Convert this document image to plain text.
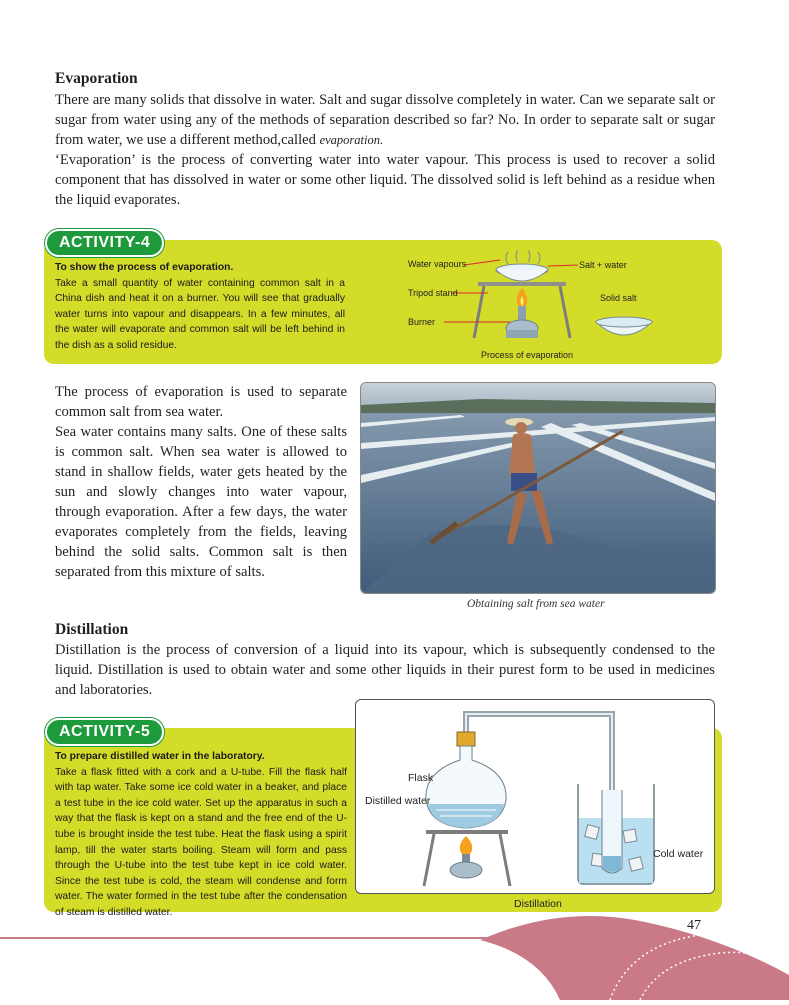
Evaporation

There are many solids that dissolve in water. Salt and sugar dissolve completely in water. Can we separate salt or sugar from water using any of the methods of separation described so far? No. In order to separate salt or sugar from water, we use a different method,called evaporation.

‘Evaporation’ is the process of converting water into water vapour. This process is used to recover a solid component that has dissolved in water or some other liquid. The dissolved solid is left behind as a residue when the liquid evaporates.

ACTIVITY-4
To show the process of evaporation.
Take a small quantity of water containing common salt in a China dish and heat it on a burner. You will see that gradually water turns into vapour and disappears. In a few minutes, all the water will evaporate and common salt will be left behind in the dish as a solid residue.
Water vapours
Tripod stand
Burner
Salt + water
Solid salt
Process of evaporation

The process of evaporation is used to separate common salt from sea water.

Sea water contains many salts. One of these salts is common salt. When sea water is allowed to stand in shallow fields, water gets heated by the sun and slowly changes into water vapour, through evaporation. After a few days, the water evaporates completely from the fields, leaving behind the solid salts. Common salt is then separated from this mixture of salts.

Obtaining salt from sea water
Distillation

Distillation is the process of conversion of a liquid into its vapour, which is subsequently condensed to the liquid. Distillation is used to obtain water and some other liquids in their purest form to be used in medicines and laboratories.

ACTIVITY-5
To prepare distilled water in the laboratory.
Take a flask fitted with a cork and a U-tube. Fill the flask half with tap water. Take some ice cold water in a beaker, and place a test tube in the ice cold water. Set up the apparatus in such a way that the flask is kept on a stand and the free end of the U-tube is brought inside the test tube. Heat the flask using a spirit lamp, till the water starts boiling. Steam will form and pass through the U-tube into the test tube kept in ice cold water. Since the test tube is cold, the steam will condense and form water. The water formed in the test tube after the condensation of steam is distilled water.
Flask
Distilled water
Cold water
Distillation
47
